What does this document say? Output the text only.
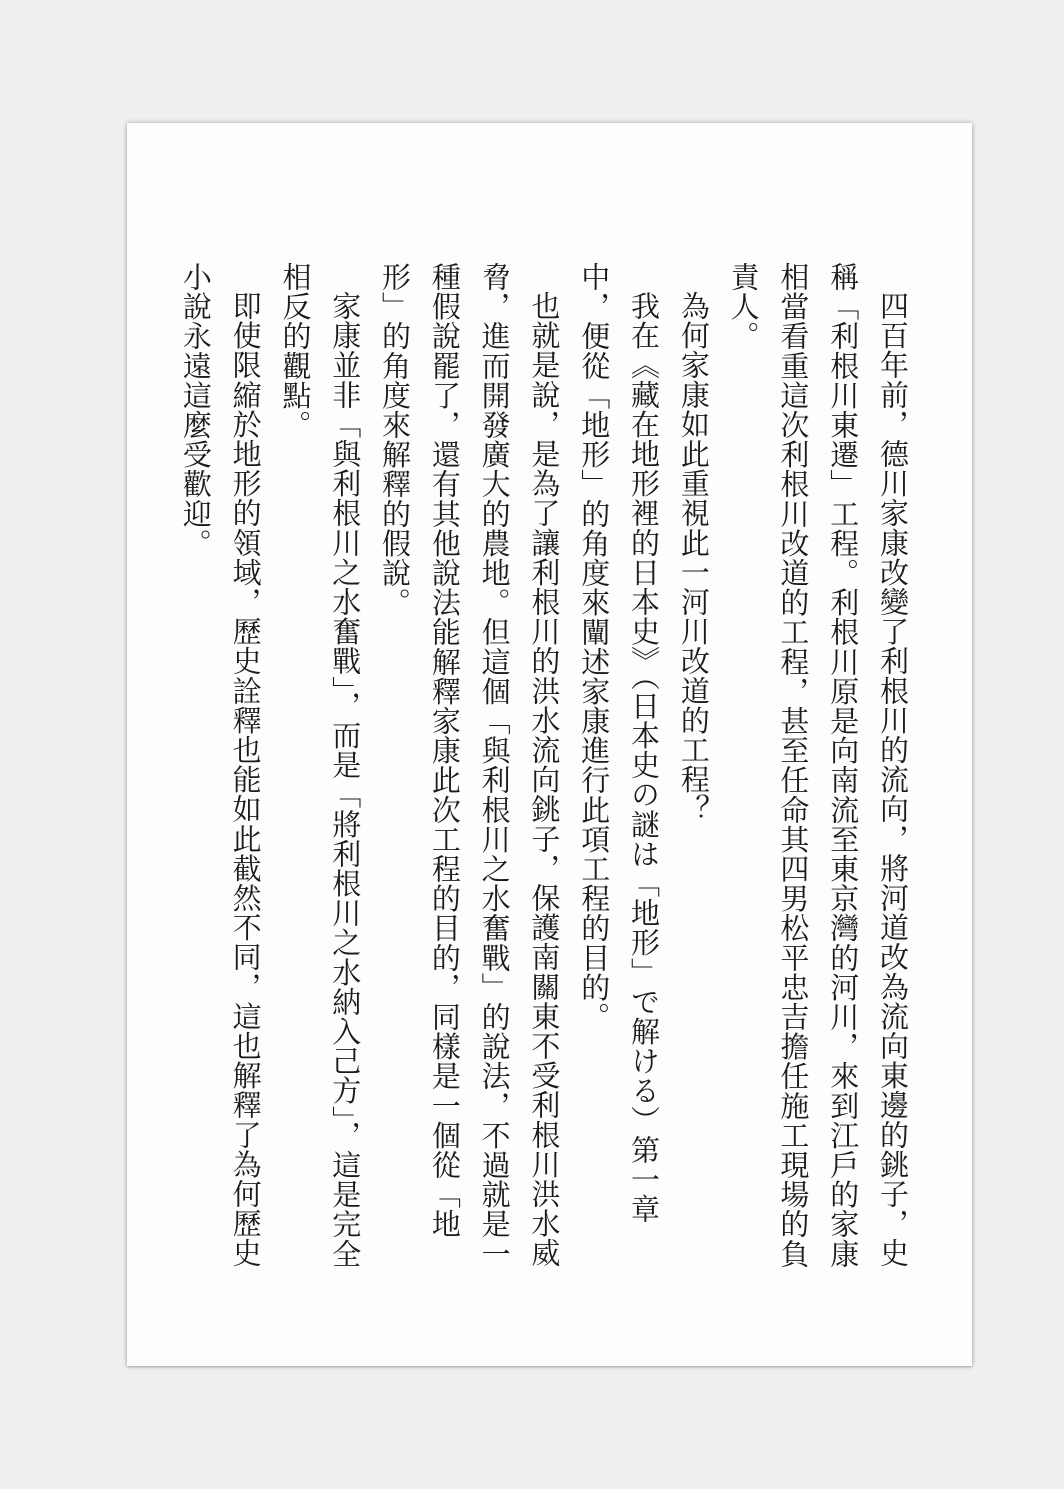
四百年前，德川家康改變了利根川的流向，將河道改為流向東邊的銚子，史稱「利根川東遷」工程。利根川原是向南流至東京灣的河川，來到江戶的家康相當看重這次利根川改道的工程，甚至任命其四男松平忠吉擔任施工現場的負責人。

為何家康如此重視此一河川改道的工程？

我在《藏在地形裡的日本史》（日本史の謎は「地形」で解ける）第一章中，便從「地形」的角度來闡述家康進行此項工程的目的。

也就是說，是為了讓利根川的洪水流向銚子，保護南關東不受利根川洪水威脅，進而開發廣大的農地。但這個「與利根川之水奮戰」的說法，不過就是一種假說罷了，還有其他說法能解釋家康此次工程的目的，同樣是一個從「地形」的角度來解釋的假說。

家康並非「與利根川之水奮戰」，而是「將利根川之水納入己方」，這是完全相反的觀點。

即使限縮於地形的領域，歷史詮釋也能如此截然不同，這也解釋了為何歷史小說永遠這麼受歡迎。
